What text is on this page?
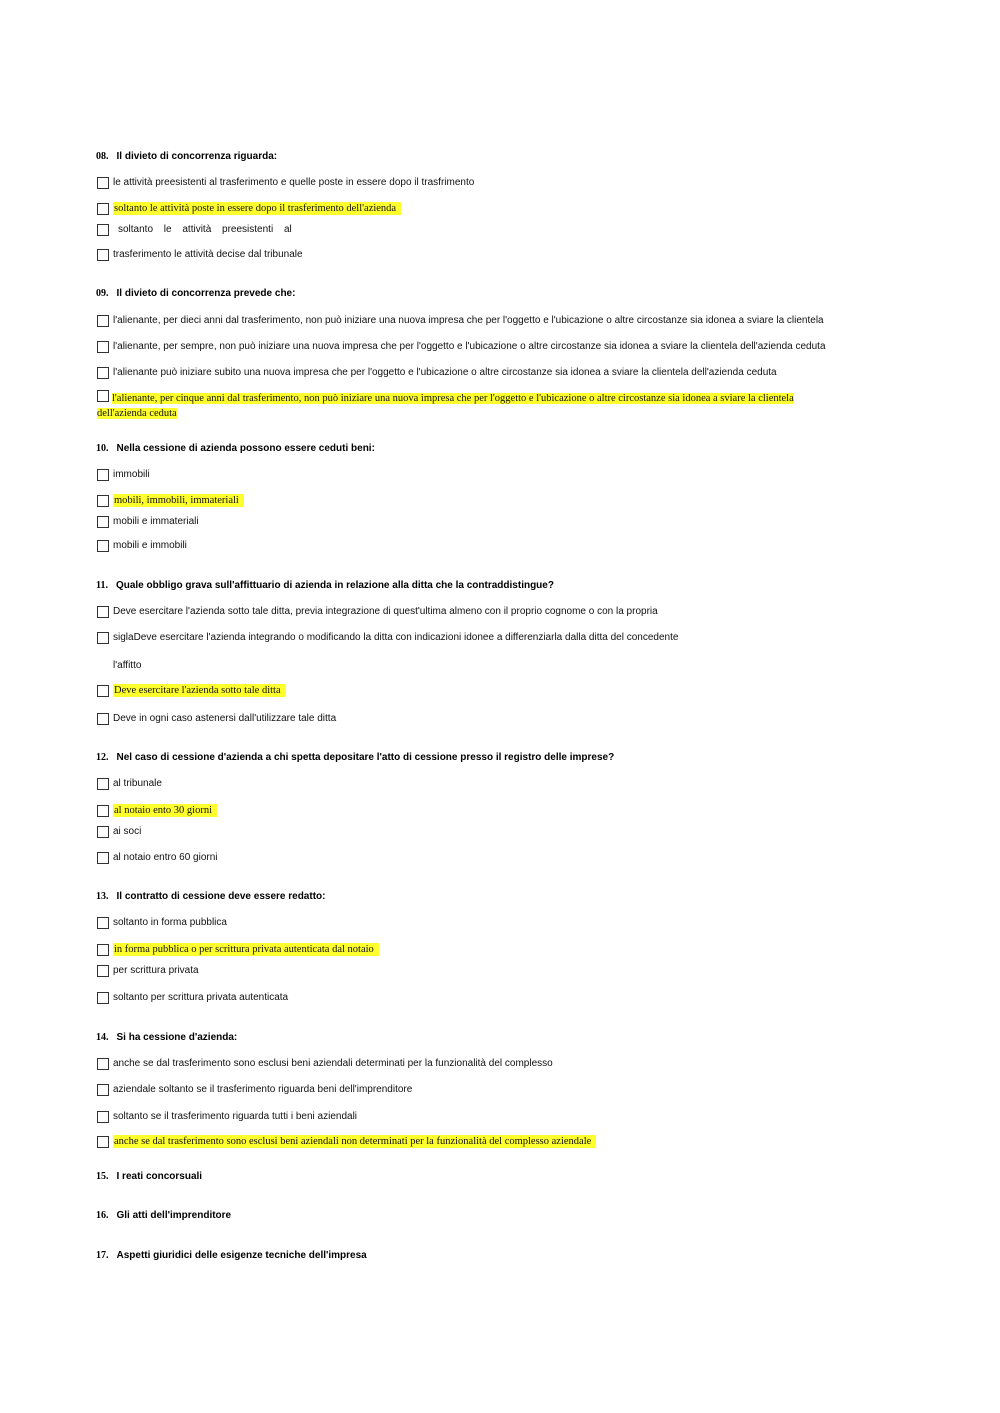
08. Il divieto di concorrenza riguarda:
le attività preesistenti al trasferimento e quelle poste in essere dopo il trasfrimento
soltanto le attività poste in essere dopo il trasferimento dell'azienda
soltanto le attività preesistenti al
trasferimento le attività decise dal tribunale
09. Il divieto di concorrenza prevede che:
l'alienante, per dieci anni dal trasferimento, non può iniziare una nuova impresa che per l'oggetto e l'ubicazione o altre circostanze sia idonea a sviare la clientela
l'alienante, per sempre, non può iniziare una nuova impresa che per l'oggetto e l'ubicazione o altre circostanze sia idonea a sviare la clientela dell'azienda ceduta
l'alienante può iniziare subito una nuova impresa che per l'oggetto e l'ubicazione o altre circostanze sia idonea a sviare la clientela dell'azienda ceduta
l'alienante, per cinque anni dal trasferimento, non può iniziare una nuova impresa che per l'oggetto e l'ubicazione o altre circostanze sia idonea a sviare la clientela
dell'azienda ceduta
10. Nella cessione di azienda possono essere ceduti beni:
immobili
mobili, immobili, immateriali
mobili e immateriali
mobili e immobili
11. Quale obbligo grava sull'affittuario di azienda in relazione alla ditta che la contraddistingue?
Deve esercitare l'azienda sotto tale ditta, previa integrazione di quest'ultima almeno con il proprio cognome o con la propria
siglaDeve esercitare l'azienda integrando o modificando la ditta con indicazioni idonee a differenziarla dalla ditta del concedente
l'affitto
Deve esercitare l'azienda sotto tale ditta
Deve in ogni caso astenersi dall'utilizzare tale ditta
12. Nel caso di cessione d'azienda a chi spetta depositare l'atto di cessione presso il registro delle imprese?
al tribunale
al notaio ento 30 giorni
ai soci
al notaio entro 60 giorni
13. Il contratto di cessione deve essere redatto:
soltanto in forma pubblica
in forma pubblica o per scrittura privata autenticata dal notaio
per scrittura privata
soltanto per scrittura privata autenticata
14. Si ha cessione d'azienda:
anche se dal trasferimento sono esclusi beni aziendali determinati per la funzionalità del complesso
aziendale soltanto se il trasferimento riguarda beni dell'imprenditore
soltanto se il trasferimento riguarda tutti i beni aziendali
anche se dal trasferimento sono esclusi beni aziendali non determinati per la funzionalità del complesso aziendale
15. I reati concorsuali
16. Gli atti dell'imprenditore
17. Aspetti giuridici delle esigenze tecniche dell'impresa
